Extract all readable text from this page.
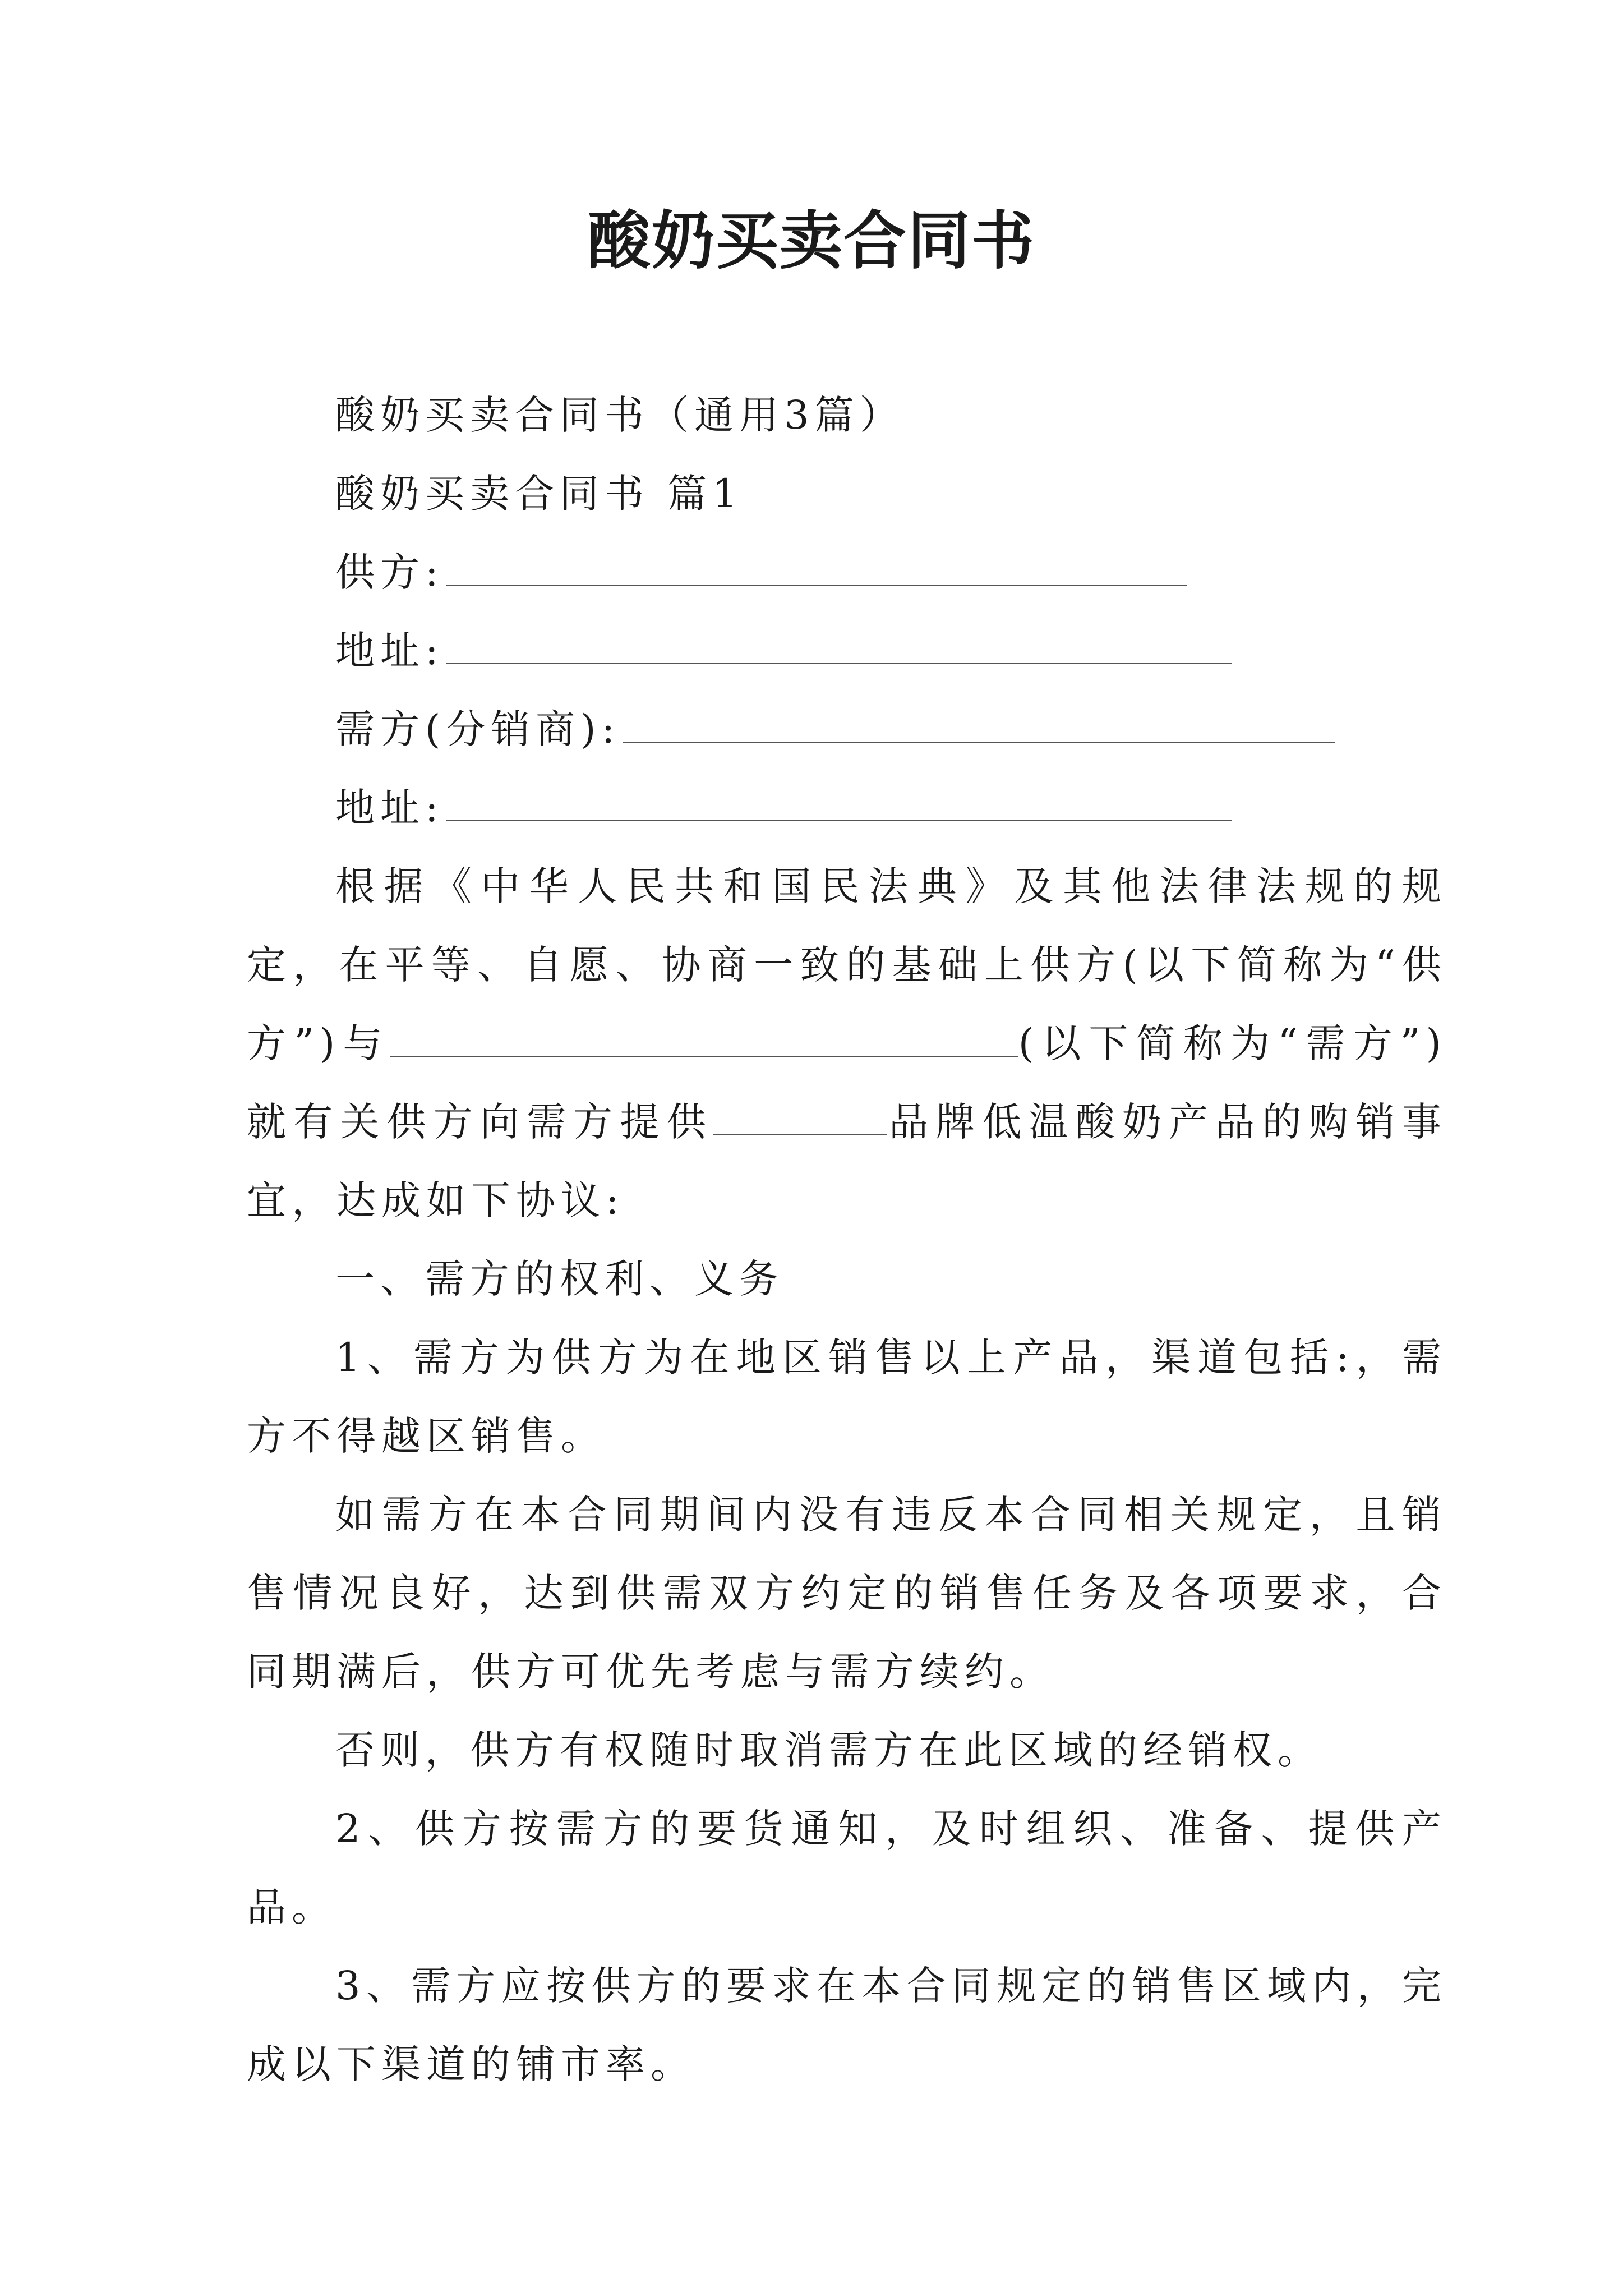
酸奶买卖合同书

酸奶买卖合同书（通用3篇）

酸奶买卖合同书 篇1

供方:

地址:

需方(分销商):

地址:

根据《中华人民共和国民法典》及其他法律法规的规定，在平等、自愿、协商一致的基础上供方(以下简称为“供方”)与	(以下简称为“需方”)就有关供方向需方提供	品牌低温酸奶产品的购销事宜，达成如下协议:

一、需方的权利、义务

1、需方为供方为在地区销售以上产品，渠道包括:，需方不得越区销售。

如需方在本合同期间内没有违反本合同相关规定，且销售情况良好，达到供需双方约定的销售任务及各项要求，合同期满后，供方可优先考虑与需方续约。

否则，供方有权随时取消需方在此区域的经销权。

2、供方按需方的要货通知，及时组织、准备、提供产品。

3、需方应按供方的要求在本合同规定的销售区域内，完成以下渠道的铺市率。
